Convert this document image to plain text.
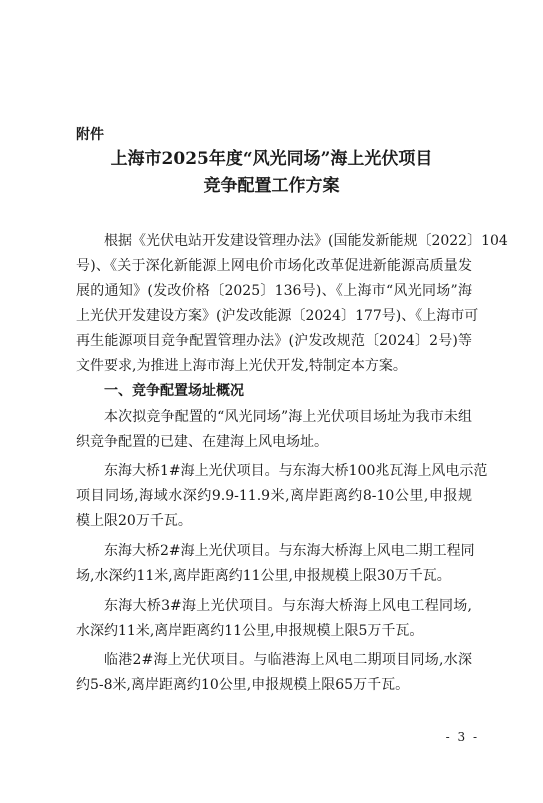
附件
上海市2025年度“风光同场”海上光伏项目
竞争配置工作方案
根据《光伏电站开发建设管理办法》(国能发新能规〔2022〕104
号)、《关于深化新能源上网电价市场化改革促进新能源高质量发
展的通知》(发改价格〔2025〕136号)、《上海市“风光同场”海
上光伏开发建设方案》(沪发改能源〔2024〕177号)、《上海市可
再生能源项目竞争配置管理办法》(沪发改规范〔2024〕2号)等
文件要求,为推进上海市海上光伏开发,特制定本方案。
一、竞争配置场址概况
本次拟竞争配置的“风光同场”海上光伏项目场址为我市未组
织竞争配置的已建、在建海上风电场址。
东海大桥1#海上光伏项目。与东海大桥100兆瓦海上风电示范
项目同场,海域水深约9.9-11.9米,离岸距离约8-10公里,申报规
模上限20万千瓦。
东海大桥2#海上光伏项目。与东海大桥海上风电二期工程同
场,水深约11米,离岸距离约11公里,申报规模上限30万千瓦。
东海大桥3#海上光伏项目。与东海大桥海上风电工程同场,
水深约11米,离岸距离约11公里,申报规模上限5万千瓦。
临港2#海上光伏项目。与临港海上风电二期项目同场,水深
约5-8米,离岸距离约10公里,申报规模上限65万千瓦。
- 3 -
